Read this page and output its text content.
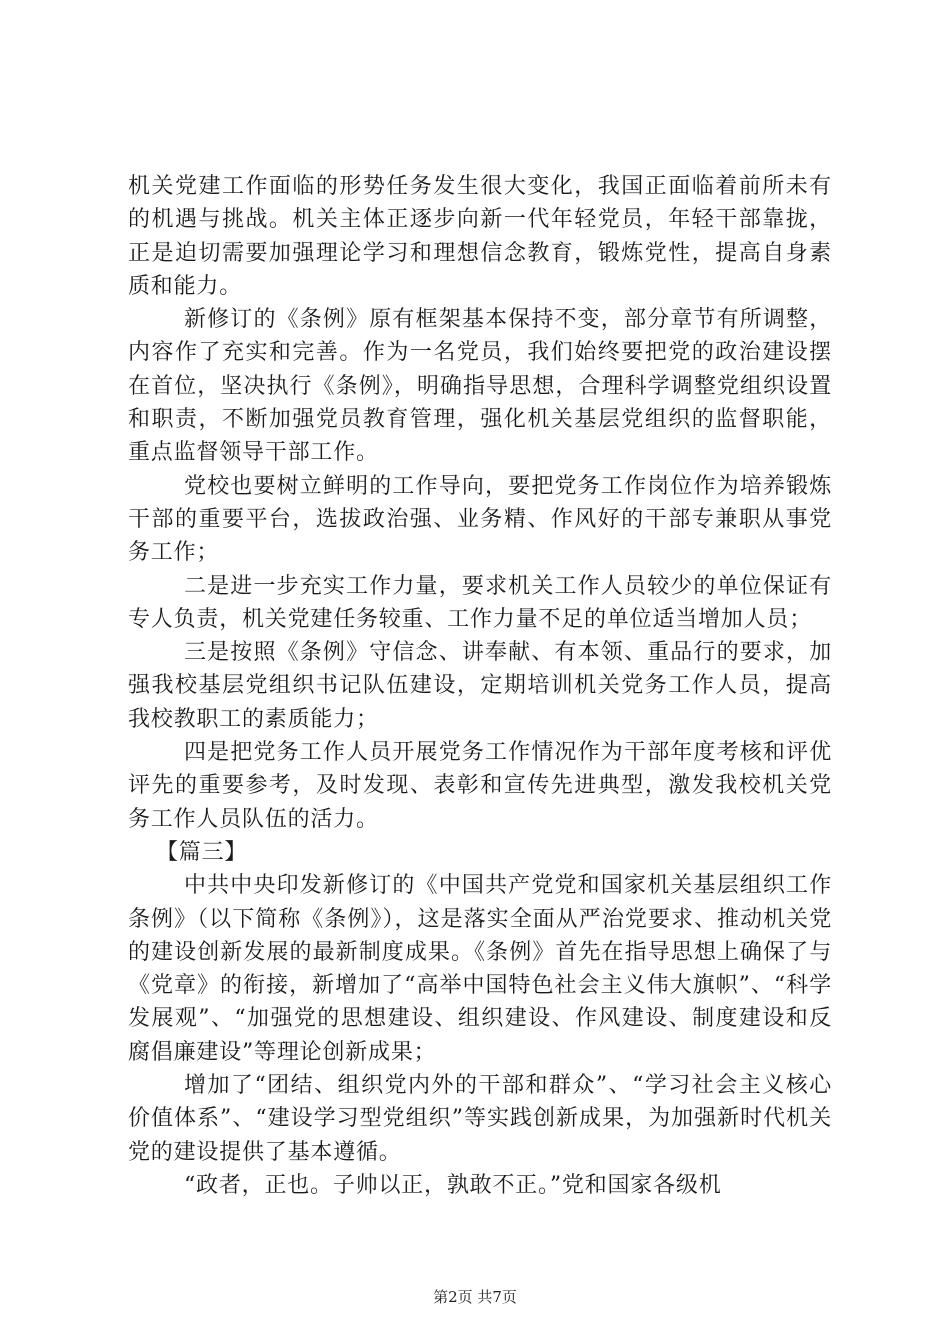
机关党建工作面临的形势任务发生很大变化，我国正面临着前所未有的机遇与挑战。机关主体正逐步向新一代年轻党员，年轻干部靠拢，正是迫切需要加强理论学习和理想信念教育，锻炼党性，提高自身素质和能力。

新修订的《条例》原有框架基本保持不变，部分章节有所调整，内容作了充实和完善。作为一名党员，我们始终要把党的政治建设摆在首位，坚决执行《条例》，明确指导思想，合理科学调整党组织设置和职责，不断加强党员教育管理，强化机关基层党组织的监督职能，重点监督领导干部工作。

党校也要树立鲜明的工作导向，要把党务工作岗位作为培养锻炼干部的重要平台，选拔政治强、业务精、作风好的干部专兼职从事党务工作；

二是进一步充实工作力量，要求机关工作人员较少的单位保证有专人负责，机关党建任务较重、工作力量不足的单位适当增加人员；

三是按照《条例》守信念、讲奉献、有本领、重品行的要求，加强我校基层党组织书记队伍建设，定期培训机关党务工作人员，提高我校教职工的素质能力；

四是把党务工作人员开展党务工作情况作为干部年度考核和评优评先的重要参考，及时发现、表彰和宣传先进典型，激发我校机关党务工作人员队伍的活力。

【篇三】

中共中央印发新修订的《中国共产党党和国家机关基层组织工作条例》（以下简称《条例》），这是落实全面从严治党要求、推动机关党的建设创新发展的最新制度成果。《条例》首先在指导思想上确保了与《党章》的衔接，新增加了“高举中国特色社会主义伟大旗帜”、“科学发展观”、“加强党的思想建设、组织建设、作风建设、制度建设和反腐倡廉建设”等理论创新成果；

增加了“团结、组织党内外的干部和群众”、“学习社会主义核心价值体系”、“建设学习型党组织”等实践创新成果，为加强新时代机关党的建设提供了基本遵循。

“政者，正也。子帅以正，孰敢不正。”党和国家各级机

第2页 共7页
